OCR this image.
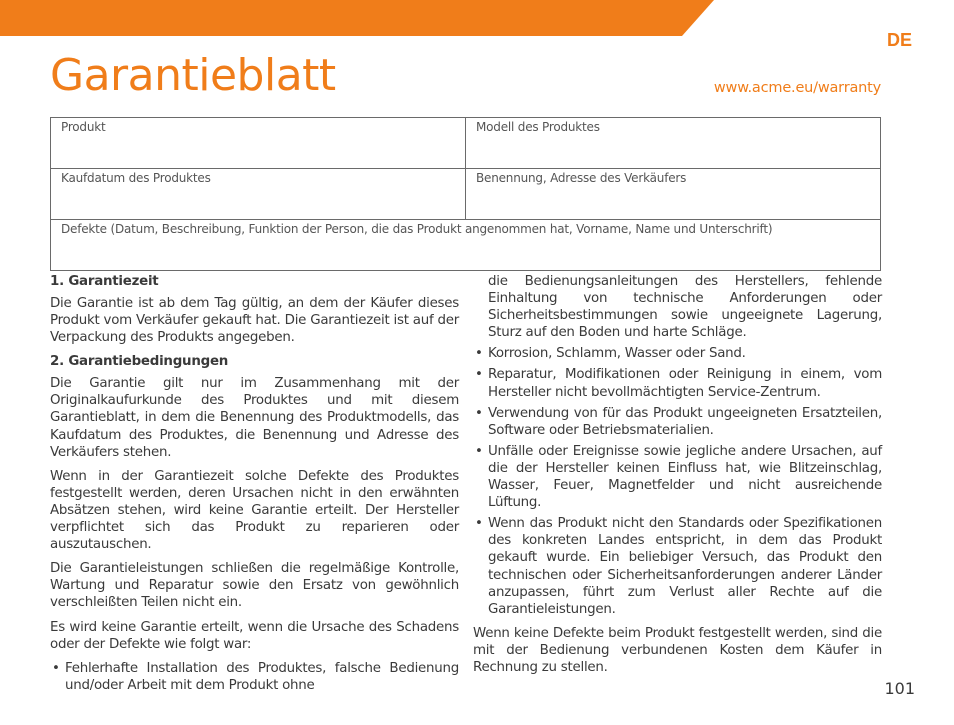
DE
Garantieblatt	www.acme.eu/warranty
Produkt	Modell des Produktes
Kaufdatum des Produktes	Benennung, Adresse des Verkäufers
Defekte (Datum, Beschreibung, Funktion der Person, die das Produkt angenommen hat, Vorname, Name und Unterschrift)	
1. Garantiezeit

Die Garantie ist ab dem Tag gültig, an dem der Käufer dieses Produkt vom Verkäufer gekauft hat. Die Garantiezeit ist auf der Verpackung des Produkts angegeben.

2. Garantiebedingungen

Die Garantie gilt nur im Zusammenhang mit der Originalkaufurkunde des Produktes und mit diesem Garantieblatt, in dem die Benennung des Produktmodells, das Kaufdatum des Produktes, die Benennung und Adresse des Verkäufers stehen.

Wenn in der Garantiezeit solche Defekte des Produktes festgestellt werden, deren Ursachen nicht in den erwähnten Absätzen stehen, wird keine Garantie erteilt. Der Hersteller verpflichtet sich das Produkt zu reparieren oder auszutauschen.

Die Garantieleistungen schließen die regelmäßige Kontrolle, Wartung und Reparatur sowie den Ersatz von gewöhnlich verschleißten Teilen nicht ein.

Es wird keine Garantie erteilt, wenn die Ursache des Schadens oder der Defekte wie folgt war:

• Fehlerhafte Installation des Produktes, falsche Bedienung und/oder Arbeit mit dem Produkt ohne
die Bedienungsanleitungen des Herstellers, fehlende Einhaltung von technische Anforderungen oder Sicherheitsbestimmungen sowie ungeeignete Lagerung, Sturz auf den Boden und harte Schläge.
• Korrosion, Schlamm, Wasser oder Sand.
• Reparatur, Modifikationen oder Reinigung in einem, vom Hersteller nicht bevollmächtigten Service-Zentrum.
• Verwendung von für das Produkt ungeeigneten Ersatzteilen, Software oder Betriebsmaterialien.
• Unfälle oder Ereignisse sowie jegliche andere Ursachen, auf die der Hersteller keinen Einfluss hat, wie Blitzeinschlag, Wasser, Feuer, Magnetfelder und nicht ausreichende Lüftung.
• Wenn das Produkt nicht den Standards oder Spezifikationen des konkreten Landes entspricht, in dem das Produkt gekauft wurde. Ein beliebiger Versuch, das Produkt den technischen oder Sicherheitsanforderungen anderer Länder anzupassen, führt zum Verlust aller Rechte auf die Garantieleistungen.

Wenn keine Defekte beim Produkt festgestellt werden, sind die mit der Bedienung verbundenen Kosten dem Käufer in Rechnung zu stellen.

101
